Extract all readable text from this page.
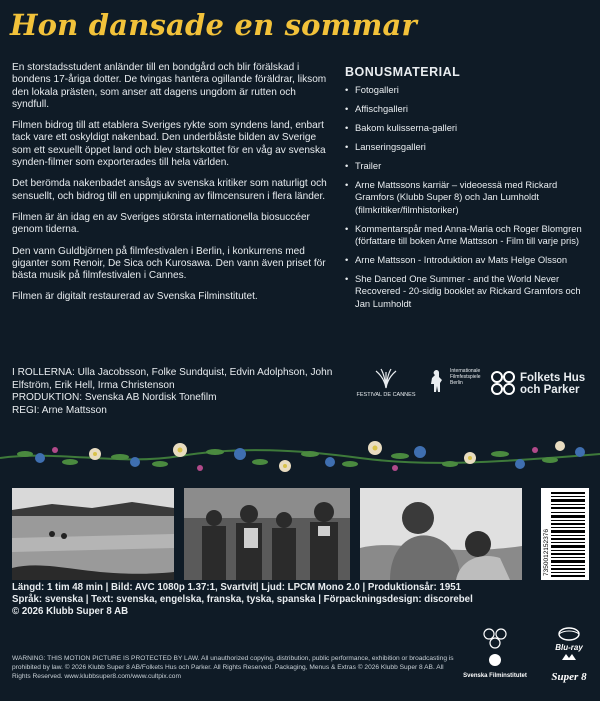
Hon dansade en sommar

En storstadsstudent anländer till en bondgård och blir förälskad i bondens 17-åriga dotter. De tvingas hantera ogillande föräldrar, liksom den lokala prästen, som anser att dagens ungdom är rutten och syndfull.

Filmen bidrog till att etablera Sveriges rykte som syndens land, enbart tack vare ett oskyldigt nakenbad. Den underblåste bilden av Sverige som ett sexuellt öppet land och blev startskottet för en våg av svenska synden-filmer som exporterades till hela världen.

Det berömda nakenbadet ansågs av svenska kritiker som naturligt och sensuellt, och bidrog till en uppmjukning av filmcensuren i flera länder.

Filmen är än idag en av Sveriges största internationella biosuccéer genom tiderna.

Den vann Guldbjörnen på filmfestivalen i Berlin, i konkurrens med giganter som Renoir, De Sica och Kurosawa. Den vann även priset för bästa musik på filmfestivalen i Cannes.

Filmen är digitalt restaurerad av Svenska Filminstitutet.

I ROLLERNA: Ulla Jacobsson, Folke Sundquist, Edvin Adolphson, John Elfström, Erik Hell, Irma Christenson
PRODUKTION: Svenska AB Nordisk Tonefilm
REGI: Arne Mattsson
BONUSMATERIAL
• Fotogalleri
• Affischgalleri
• Bakom kulisserna-galleri
• Lanseringsgalleri
• Trailer
• Arne Mattssons karriär – videoessä med Rickard Gramfors (Klubb Super 8) och Jan Lumholdt (filmkritiker/filmhistoriker)
• Kommentarspår med Anna-Maria och Roger Blomgren (författare till boken Arne Mattsson - Film till varje pris)
• Arne Mattsson - Introduktion av Mats Helge Olsson
• She Danced One Summer - and the World Never Recovered - 20-sidig booklet av Rickard Gramfors och Jan Lumholdt
FESTIVAL DE CANNES
Internationale Filmfestspiele Berlin	Folkets Hus och Parker
7350012152376
Längd: 1 tim 48 min | Bild: AVC 1080p 1.37:1, Svartvit| Ljud: LPCM Mono 2.0 | Produktionsår: 1951
Språk: svenska | Text: svenska, engelska, franska, tyska, spanska | Förpackningsdesign: discorebel
© 2026 Klubb Super 8 AB
WARNING: THIS MOTION PICTURE IS PROTECTED BY LAW. All unauthorized copying, distribution, public performance, exhibition or broadcasting is prohibited by law. © 2026 Klubb Super 8 AB/Folkets Hus och Parker. All Rights Reserved. Packaging, Menus & Extras © 2026 Klubb Super 8 AB. All Rights Reserved. www.klubbsuper8.com/www.cultpix.com	Svenska Filminstitutet
Blu-ray
Super 8
